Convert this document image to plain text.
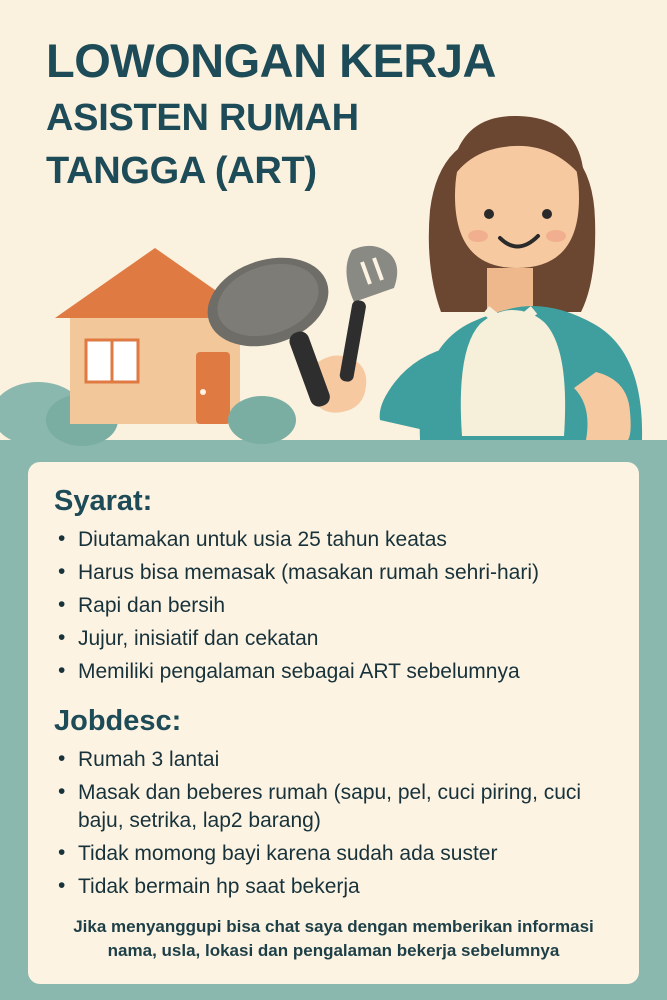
LOWONGAN KERJA
ASISTEN RUMAH
TANGGA (ART)
Syarat:
• Diutamakan untuk usia 25 tahun keatas
• Harus bisa memasak (masakan rumah sehri-hari)
• Rapi dan bersih
• Jujur, inisiatif dan cekatan
• Memiliki pengalaman sebagai ART sebelumnya
Jobdesc:
• Rumah 3 lantai
• Masak dan beberes rumah (sapu, pel, cuci piring, cuci baju, setrika, lap2 barang)
• Tidak momong bayi karena sudah ada suster
• Tidak bermain hp saat bekerja
Jika menyanggupi bisa chat saya dengan memberikan informasi nama, usla, lokasi dan pengalaman bekerja sebelumnya
